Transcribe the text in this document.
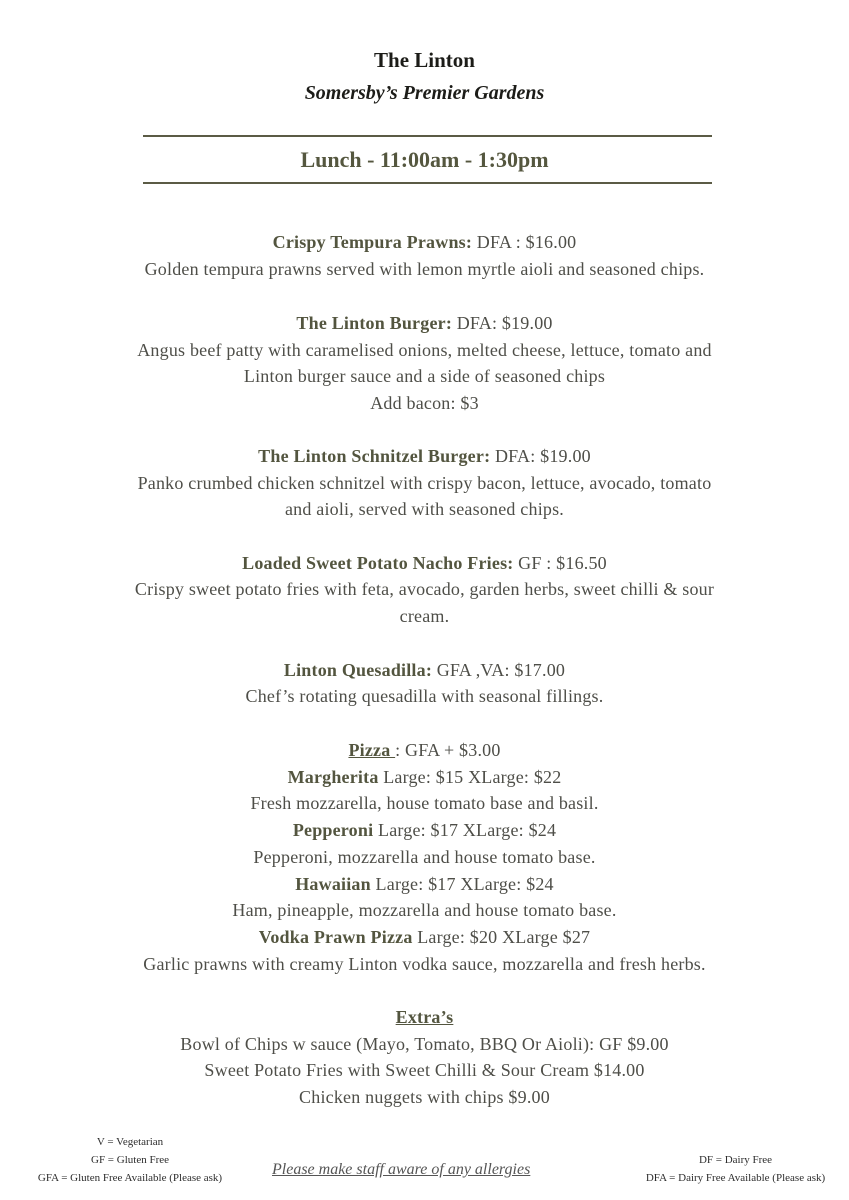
The Linton
Somersby’s Premier Gardens
Lunch - 11:00am - 1:30pm
Crispy Tempura Prawns: DFA : $16.00
Golden tempura prawns served with lemon myrtle aioli and seasoned chips.
The Linton Burger: DFA: $19.00
Angus beef patty with caramelised onions, melted cheese, lettuce, tomato and
Linton burger sauce and a side of seasoned chips
Add bacon: $3
The Linton Schnitzel Burger: DFA: $19.00
Panko crumbed chicken schnitzel with crispy bacon, lettuce, avocado, tomato
and aioli, served with seasoned chips.
Loaded Sweet Potato Nacho Fries: GF : $16.50
Crispy sweet potato fries with feta, avocado, garden herbs, sweet chilli & sour
cream.
Linton Quesadilla: GFA ,VA: $17.00
Chef’s rotating quesadilla with seasonal fillings.
Pizza : GFA + $3.00
Margherita Large: $15 XLarge: $22
Fresh mozzarella, house tomato base and basil.
Pepperoni Large: $17 XLarge: $24
Pepperoni, mozzarella and house tomato base.
Hawaiian Large: $17 XLarge: $24
Ham, pineapple, mozzarella and house tomato base.
Vodka Prawn Pizza Large: $20 XLarge $27
Garlic prawns with creamy Linton vodka sauce, mozzarella and fresh herbs.
Extra’s
Bowl of Chips w sauce (Mayo, Tomato, BBQ Or Aioli): GF $9.00
Sweet Potato Fries with Sweet Chilli & Sour Cream $14.00
Chicken nuggets with chips $9.00
V = Vegetarian
GF = Gluten Free
GFA = Gluten Free Available (Please ask)	Please make staff aware of any allergies
DF = Dairy Free
DFA = Dairy Free Available (Please ask)
